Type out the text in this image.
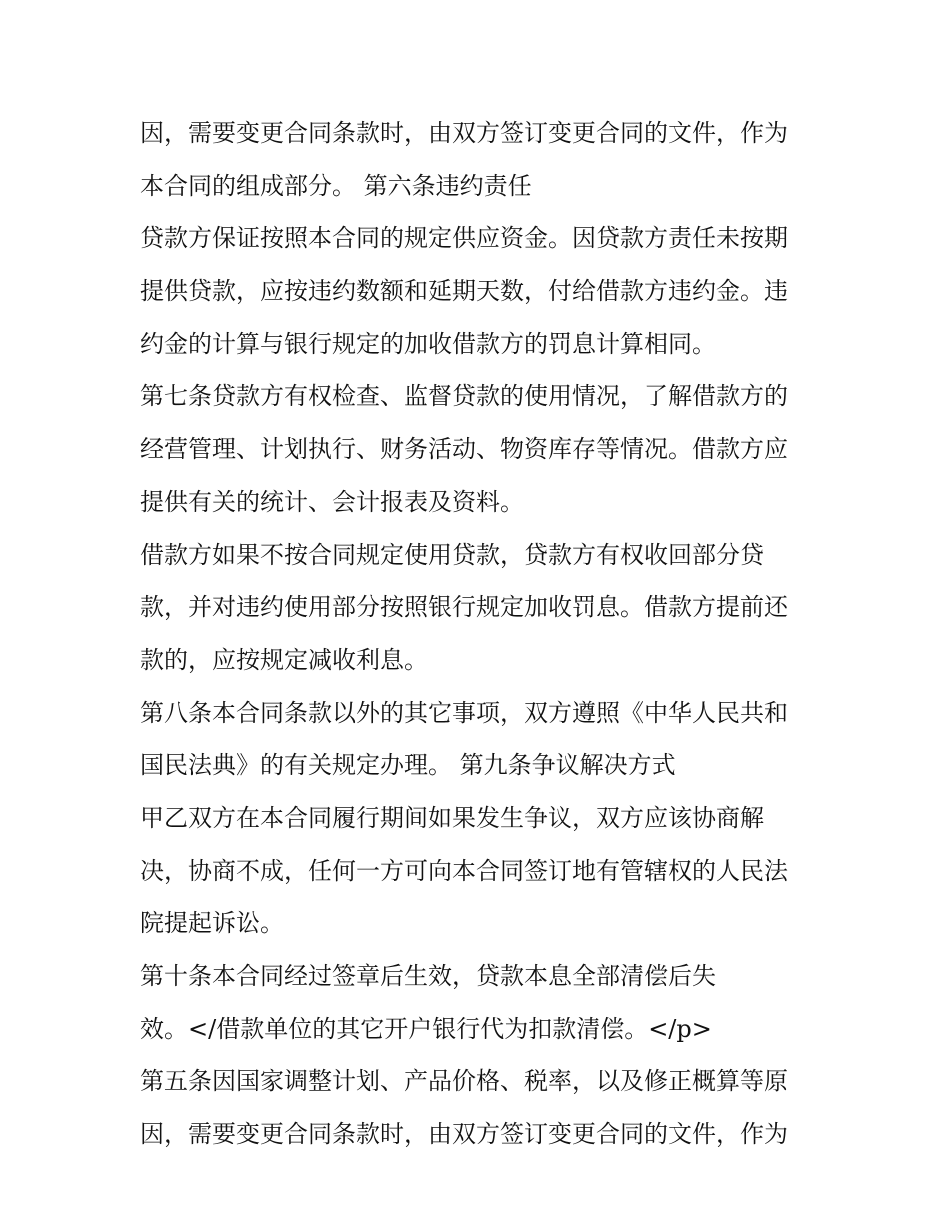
因，需要变更合同条款时，由双方签订变更合同的文件，作为
本合同的组成部分。 第六条违约责任
贷款方保证按照本合同的规定供应资金。因贷款方责任未按期
提供贷款，应按违约数额和延期天数，付给借款方违约金。违
约金的计算与银行规定的加收借款方的罚息计算相同。
第七条贷款方有权检查、监督贷款的使用情况，了解借款方的
经营管理、计划执行、财务活动、物资库存等情况。借款方应
提供有关的统计、会计报表及资料。
借款方如果不按合同规定使用贷款，贷款方有权收回部分贷
款，并对违约使用部分按照银行规定加收罚息。借款方提前还
款的，应按规定减收利息。
第八条本合同条款以外的其它事项，双方遵照《中华人民共和
国民法典》的有关规定办理。 第九条争议解决方式
甲乙双方在本合同履行期间如果发生争议，双方应该协商解
决，协商不成，任何一方可向本合同签订地有管辖权的人民法
院提起诉讼。
第十条本合同经过签章后生效，贷款本息全部清偿后失
效。</借款单位的其它开户银行代为扣款清偿。</p>
第五条因国家调整计划、产品价格、税率，以及修正概算等原
因，需要变更合同条款时，由双方签订变更合同的文件，作为
